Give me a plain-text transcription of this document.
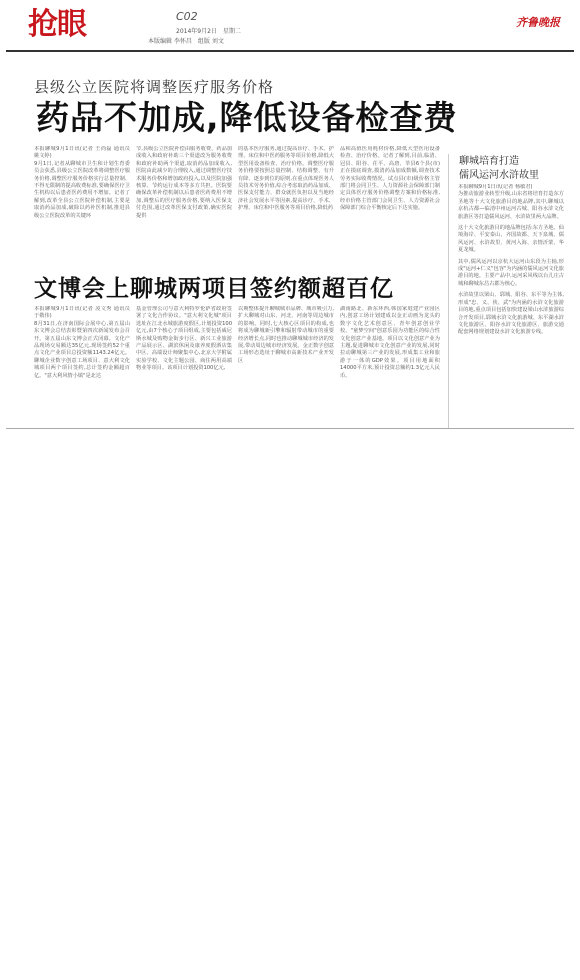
抢眼	C02
2014年9月2日　星期二
本版编辑 李怀昌　组版 刘文
齐鲁晚报
县级公立医院将调整医疗服务价格
药品不加成,降低设备检查费
本报聊城9月1日讯(记者 王尚磊 通讯员 姚文婷)
9月1日,记者从聊城市卫生和计划生育委员会获悉,县级公立医院改革将调整医疗服务价格,调整医疗服务价格实行总量控制、不得无限制的提高收费标准,要确保医疗卫生机构以后患者医药费用不增加。记者了解到,改革全县公立医院补偿机制,主要是取消药品加成,破除以药补医机制,推进县级公立医院改革的关键环
节,县级公立医院补偿由服务收费、药品加成收入和政府补助三个渠道改为服务收费和政府补助两个渠道,取消药品加成收入,医院由此减少的合理收入,通过调整医疗技术服务价格和增加政府投入,以及医院加强核算、节约运行成本等多方共担。医院要确保改革补偿机制以后患者医药费用不增加,调整后的医疗服务价格,要纳入医保支付范围,通过改革医保支付政策,确实医院提供
的基本医疗服务,通过提高诊疗、手术、护理、床位和中医药服务等项目价格,降低大型医用设备检查、治疗价格。调整医疗服务价格要按照总量控制、结构调整、有升有降、逐步到位的原则,在重点体现医务人员技术劳务价值,综合考虑取消药品加成、医保支付能力、群众就医负担以及当地经济社会发展水平等因素,提高诊疗、手术、护理、床位和中医服务等项目价格,降低药
品和高值医用耗材价格,降低大型医用设备检查、治疗价格。记者了解到,目前,临清、冠县、阳谷、茌平、高唐、莘县6个县(市)正在摸底调查,摸清药品加成数额,调查技术劳务实际收费情况。试点县(市)级价格主管部门将会同卫生、人力资源社会保障部门制定具体医疗服务价格调整方案和价格标准,经市价格主管部门会同卫生、人力资源社会保障部门综合平衡核定后下达实施。
文博会上聊城两项目签约额超百亿
本报聊城9月1日讯(记者 凌文秀 通讯员 于敬伟)
8月31日,在济南国际会展中心,第五届山东文博会总结表彰暨第四次新闻发布会召开。第五届山东文博会正式闭幕。文化产品现场交易额达35亿元,现场签约52个重点文化产业项目总投资额1143.24亿元。聊城企业数字创意工场项目、意大利文化城项目两个项目签约,总计签约金额超百亿。"意大利风情小镇"是北达
基金管理公司与意大利特罗伦萨省政府签署了文化合作协议。"意大利文化城"项目选址在江北水城旅游度假区,计划投资100亿元,由7个核心子项目组成,主要包括威尼斯水城及购物金街步行区、新兴工业旅游产品展示区、湖滨休闲及康养度假酒店集中区、高端设计师聚集中心,北京大学附属实验学校、文化主题公园、商住两用高端物业等项目。该项目计划投资100亿元,
以期整体提升聊城城市品牌、城市吸引力,扩大聊城对山东、河北、河南等周边城市的影响。同时,七大核心区项目的构成,也将成为聊城新引擎和辐射带动城市的重要经济增长点,同时也推动聊城城市经济的发展,带动周边城市经济发展。金正数字创意工场形态选址于聊城市高新技术产业开发区
湖南路北、新东环西,韩国家庭建产业园区内,创意工场计划建成以金正动画为龙头的数字文化艺术创意区、青年创意创业学校、"童梦空间"创意乐园为功能区的综合性文化创意产业基地。项目以文化创意产业为主题,促进聊城市文化创意产业的发展,同时拉动聊城第三产业的发展,形成集工业和旅游于一体的GDP效果。项目用地面积14000平方米,预计投资总额约1.3亿元人民币。
聊城培育打造
儒风运河水浒故里
本报聊城9月1日讯(记者 杨敏君)
为推动旅游业转型升级,山东省将培育打造东方圣地等十大文化旅游目的地品牌,其中,聊城以京杭古都—临清中州运河古城、阳谷水浒文化旅游区等打造儒风运河、水浒故里两大品牌。
这十大文化旅游目的地品牌包括:东方圣地、仙境海岸、平安泰山、齐国故都、天下泉城、儒风运河、水浒故里、黄河入海、亲情沂蒙、华夏龙城。
其中,儒风运河以京杭大运河山东段为主轴,形成"运河+仁义"包容"为内涵的儒风运河文化旅游目的地。主要产品中,运河采风线以台儿庄古城和聊城东昌古郡为核心。
水浒故里以梁山、郓城、阳谷、东平等为主体,形成"忠、义、侠、武"为内涵的水浒文化旅游目的地,重点项目包括加快建设梁山水浒旅游综合开发项目,郓城水浒文化旅游城、东平湖水浒文化旅游区、阳谷水浒文化旅游区、旅游交通配套网络规划建设水浒文化旅游专线。
